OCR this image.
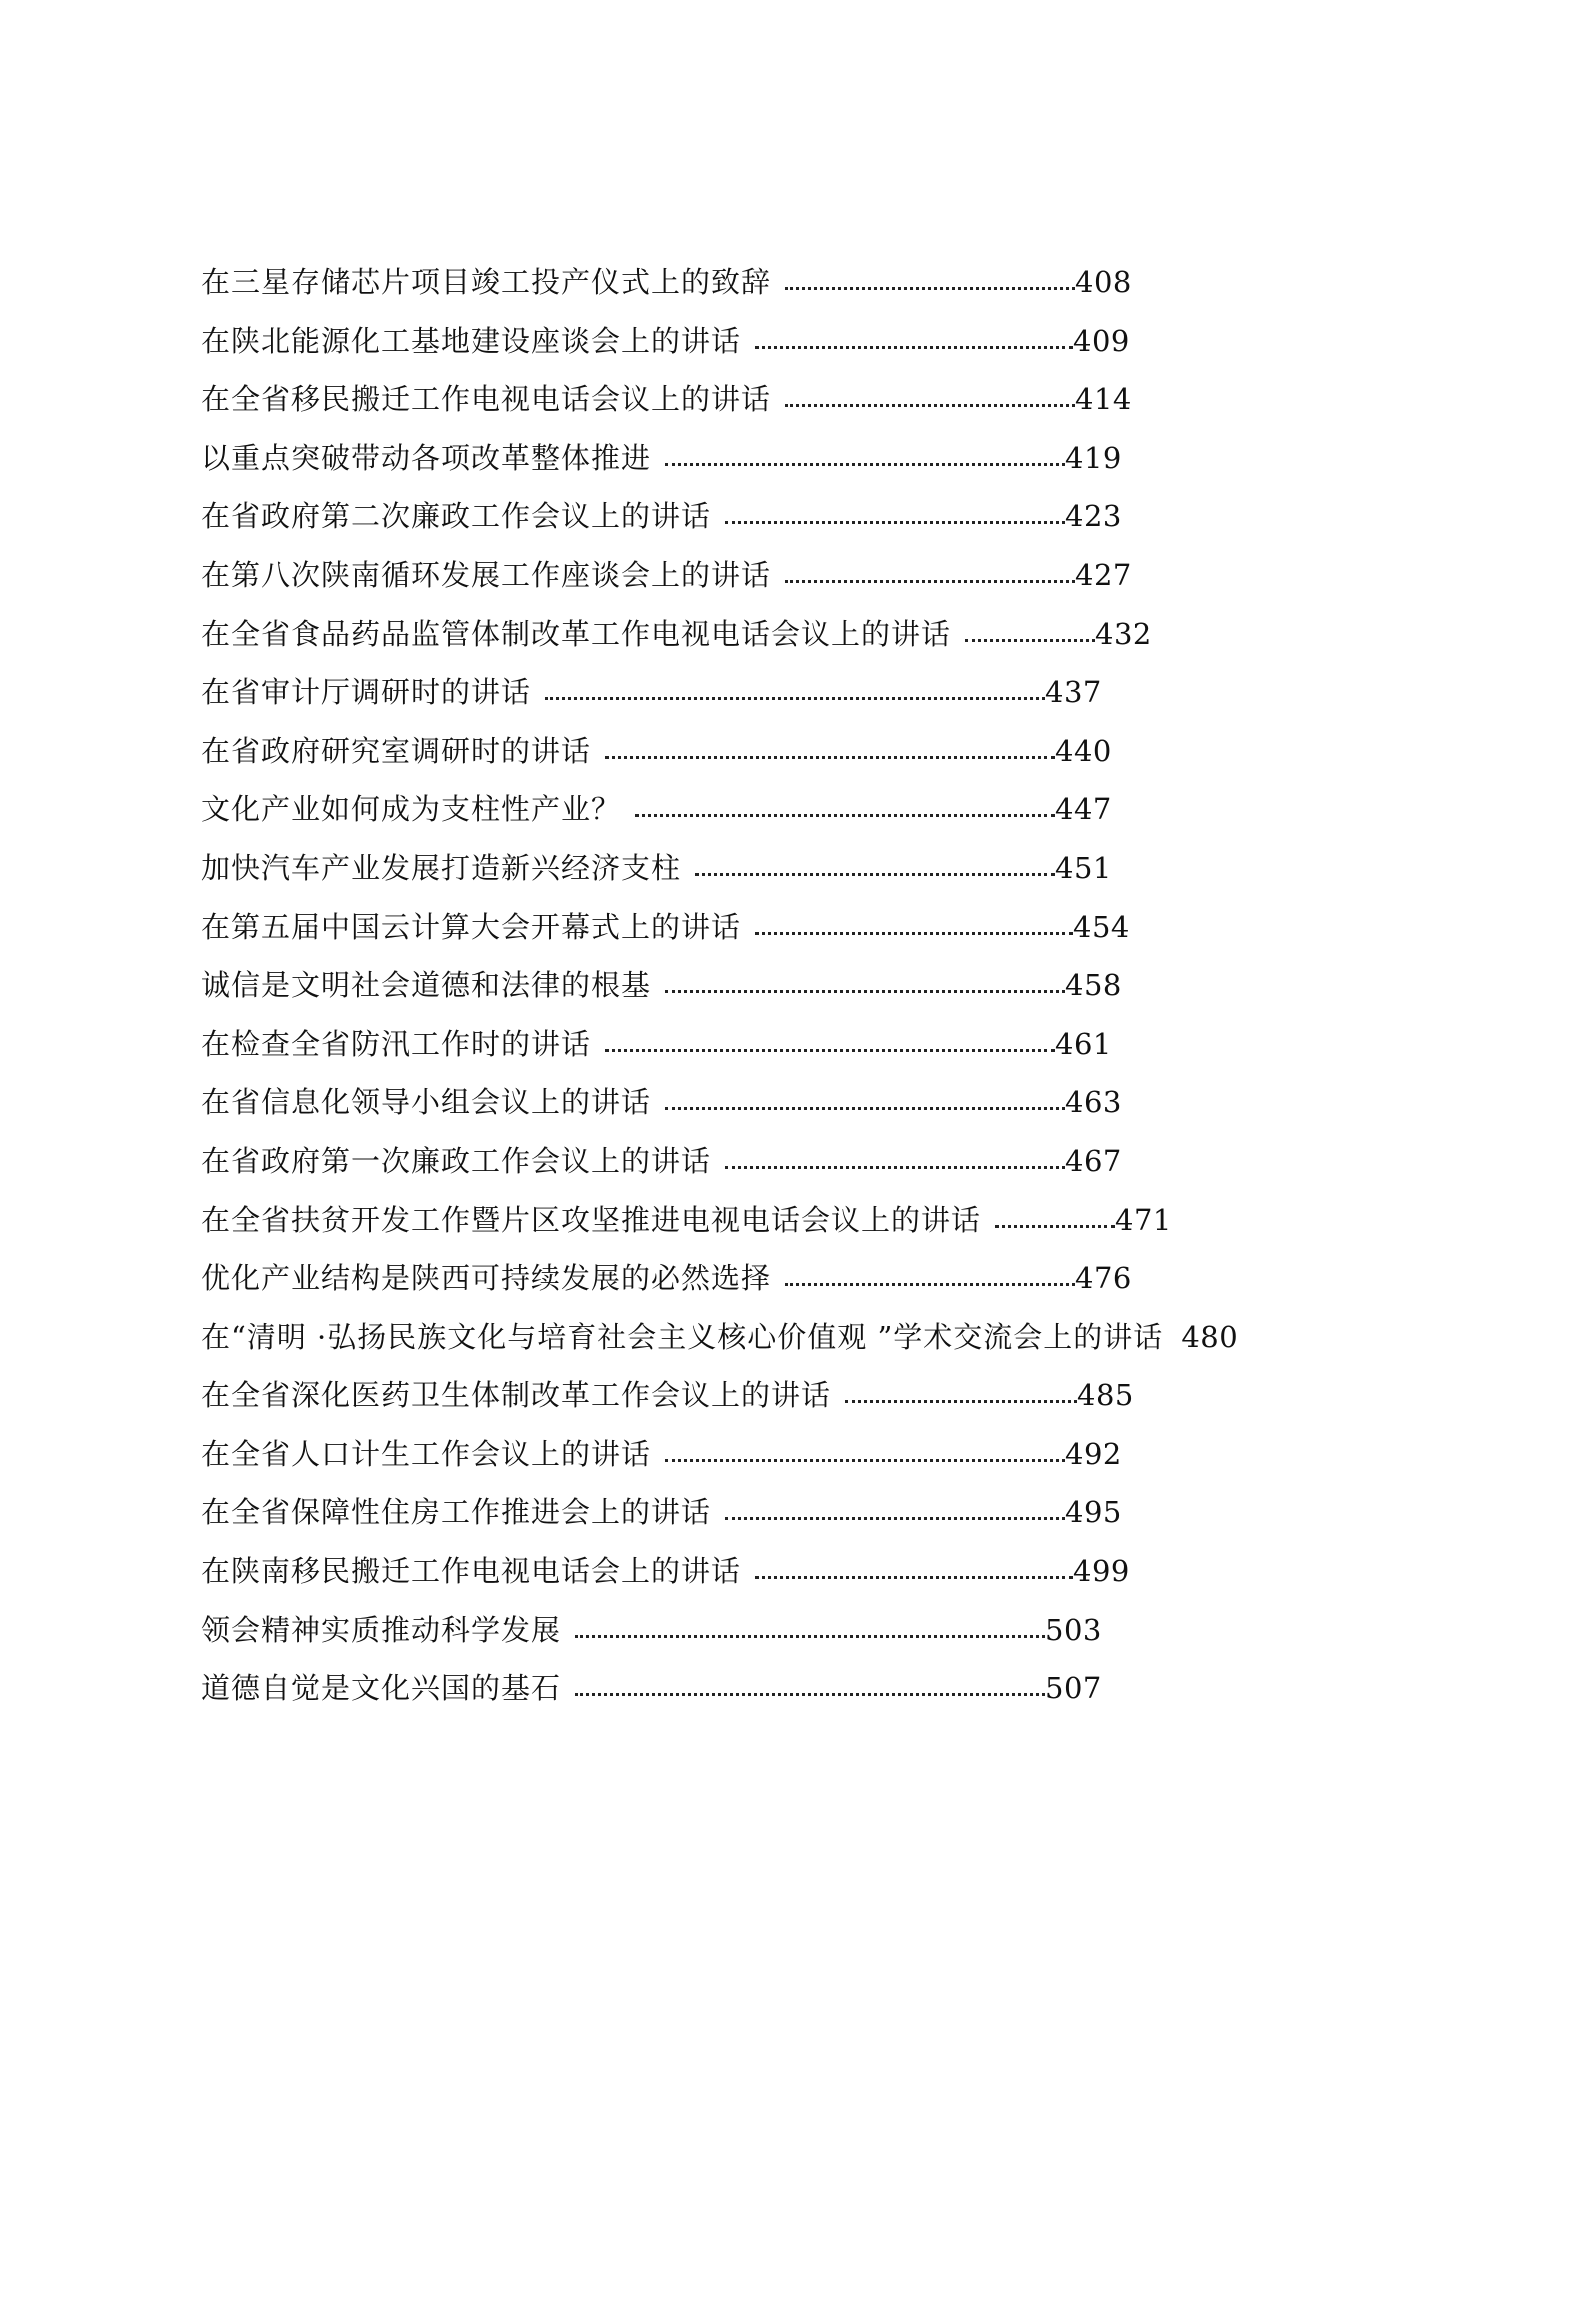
在三星存储芯片项目竣工投产仪式上的致辞	408
在陕北能源化工基地建设座谈会上的讲话	409
在全省移民搬迁工作电视电话会议上的讲话	414
以重点突破带动各项改革整体推进	419
在省政府第二次廉政工作会议上的讲话	423
在第八次陕南循环发展工作座谈会上的讲话	427
在全省食品药品监管体制改革工作电视电话会议上的讲话	432
在省审计厅调研时的讲话	437
在省政府研究室调研时的讲话	440
文化产业如何成为支柱性产业？	447
加快汽车产业发展打造新兴经济支柱	451
在第五届中国云计算大会开幕式上的讲话	454
诚信是文明社会道德和法律的根基	458
在检查全省防汛工作时的讲话	461
在省信息化领导小组会议上的讲话	463
在省政府第一次廉政工作会议上的讲话	467
在全省扶贫开发工作暨片区攻坚推进电视电话会议上的讲话	471
优化产业结构是陕西可持续发展的必然选择	476
在“清明 ·弘扬民族文化与培育社会主义核心价值观 ”学术交流会上的讲话 480
在全省深化医药卫生体制改革工作会议上的讲话	485
在全省人口计生工作会议上的讲话	492
在全省保障性住房工作推进会上的讲话	495
在陕南移民搬迁工作电视电话会上的讲话	499
领会精神实质推动科学发展	503
道德自觉是文化兴国的基石	507
